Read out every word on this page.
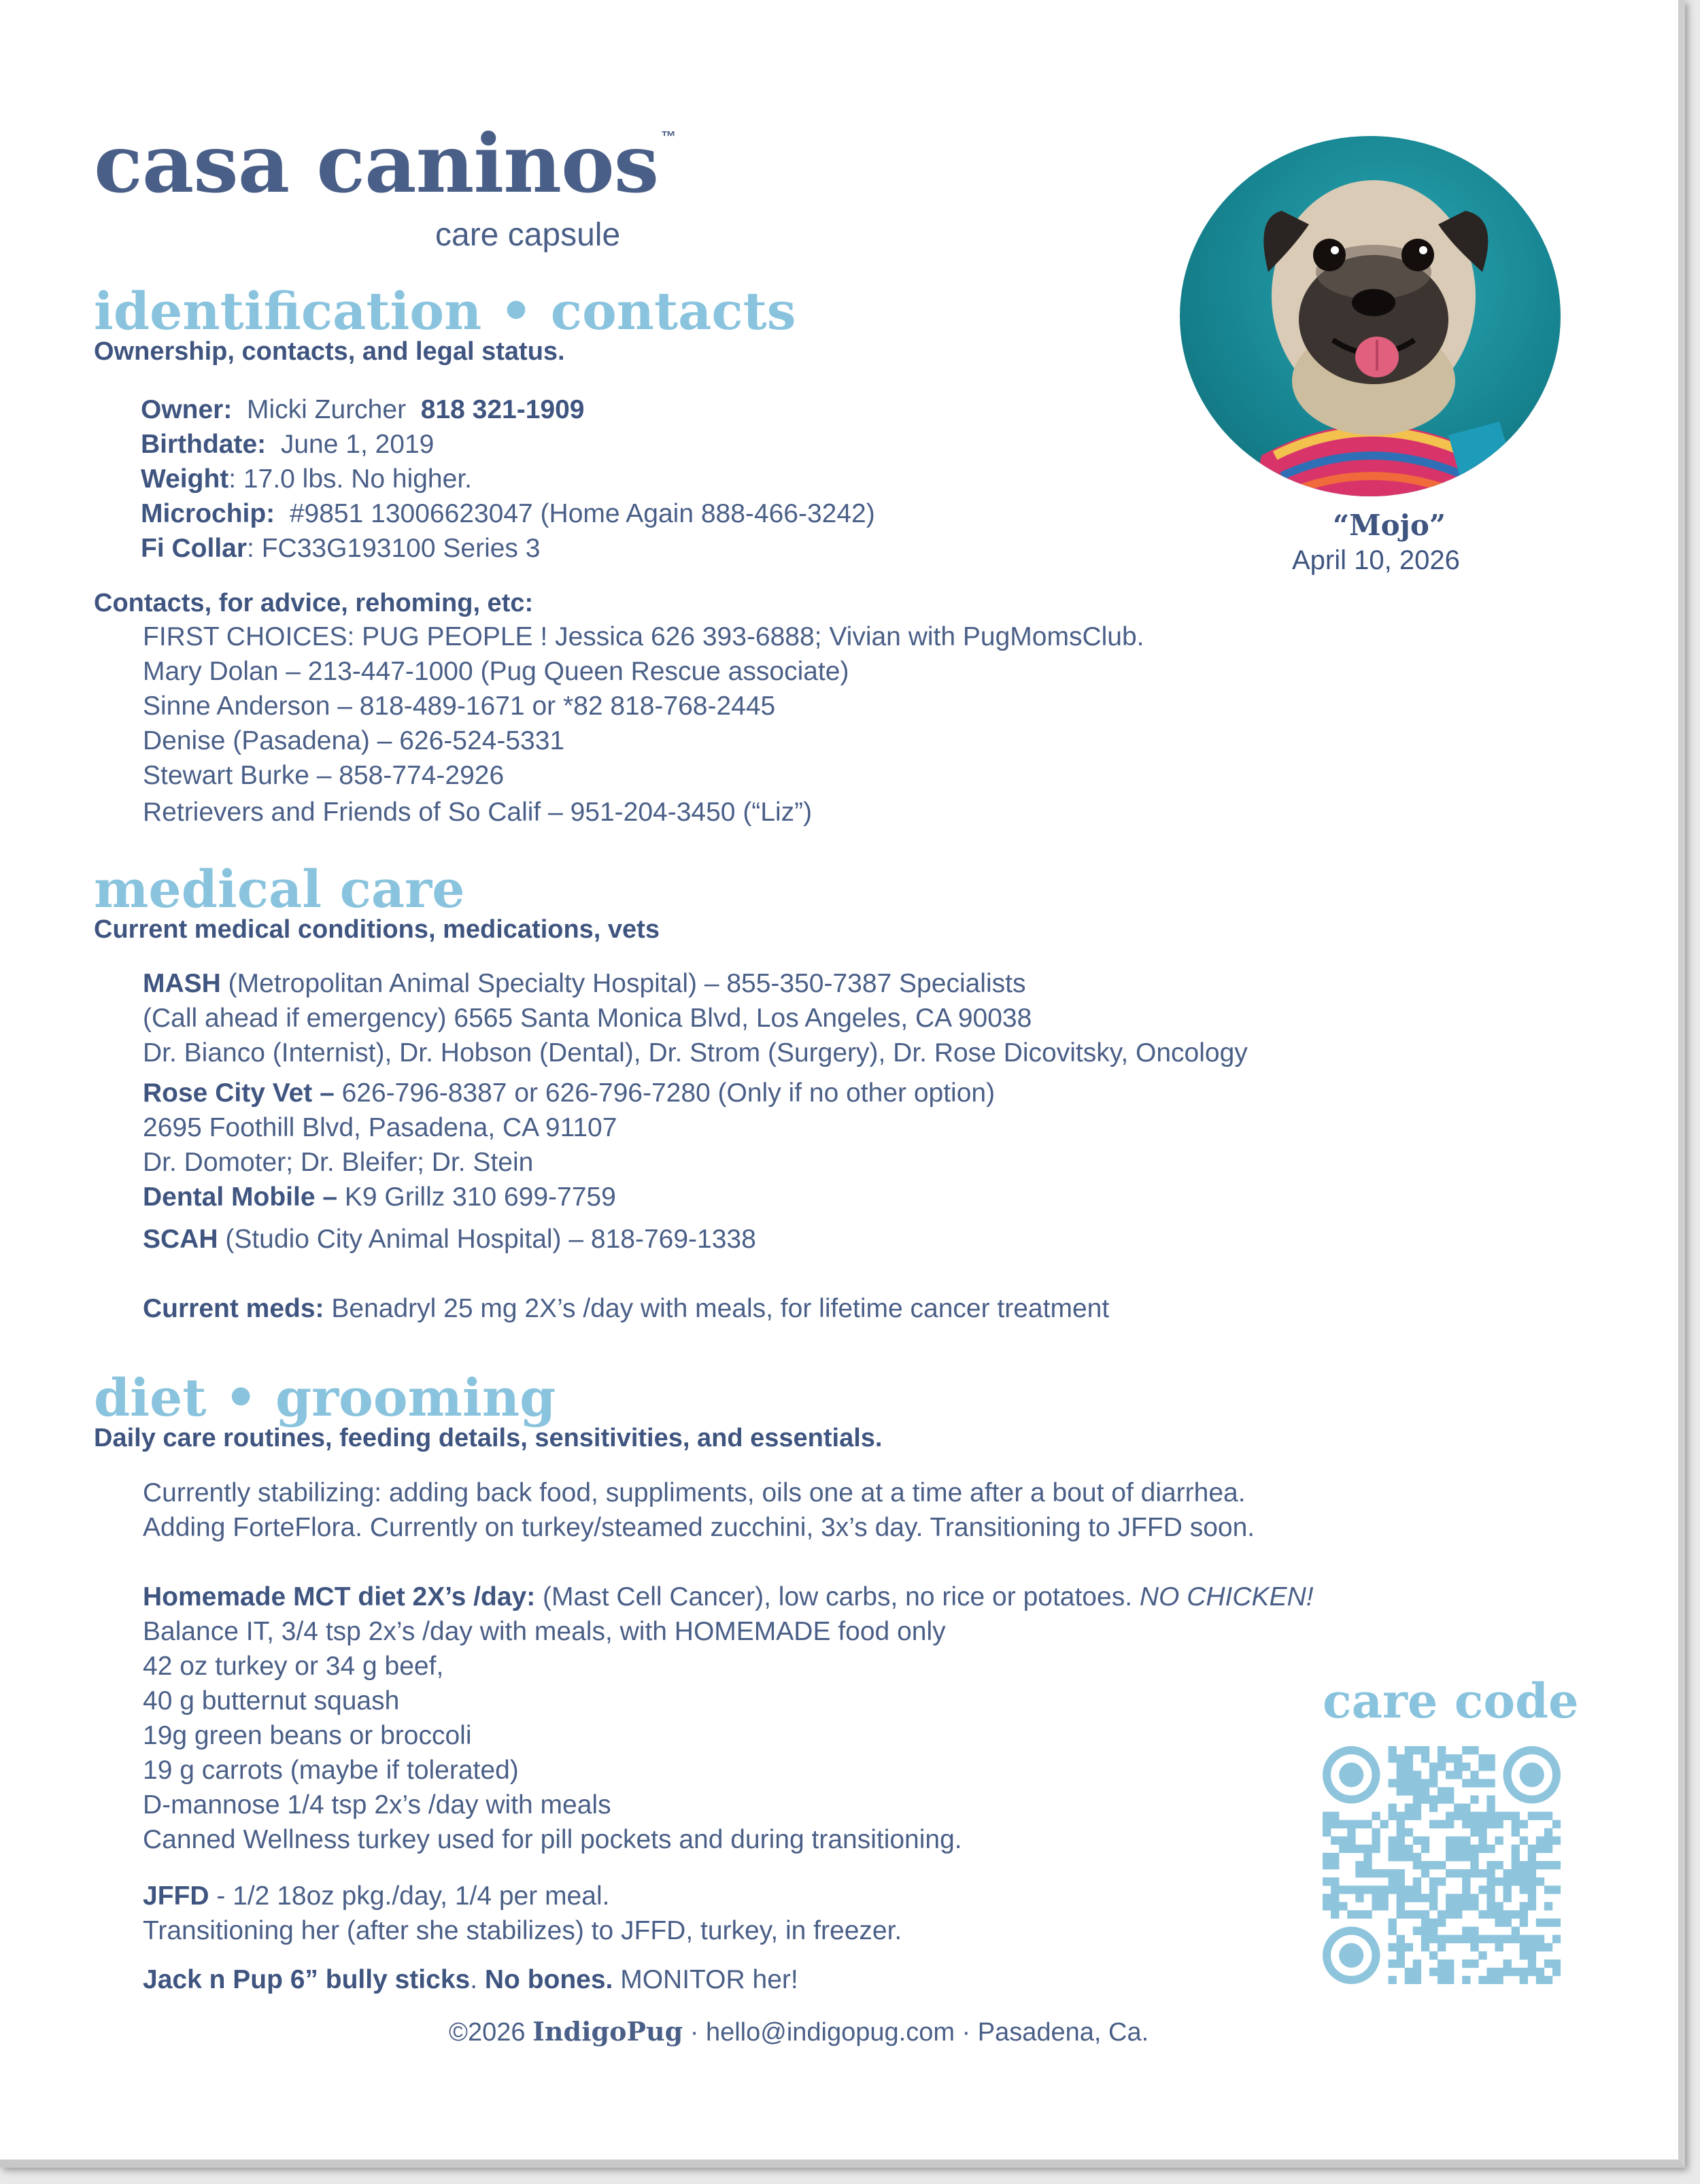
casa caninos ™
care capsule
“Mojo”
April 10, 2026
identification • contacts
Ownership, contacts, and legal status.
Owner: Micki Zurcher 818 321-1909
Birthdate: June 1, 2019
Weight: 17.0 lbs. No higher.
Microchip: #9851 13006623047 (Home Again 888-466-3242)
Fi Collar: FC33G193100 Series 3
Contacts, for advice, rehoming, etc:
FIRST CHOICES: PUG PEOPLE ! Jessica 626 393-6888; Vivian with PugMomsClub.
Mary Dolan – 213-447-1000 (Pug Queen Rescue associate)
Sinne Anderson – 818-489-1671 or *82 818-768-2445
Denise (Pasadena) – 626-524-5331
Stewart Burke – 858-774-2926
Retrievers and Friends of So Calif – 951-204-3450 (“Liz”)
medical care
Current medical conditions, medications, vets
MASH (Metropolitan Animal Specialty Hospital) – 855-350-7387 Specialists
(Call ahead if emergency) 6565 Santa Monica Blvd, Los Angeles, CA 90038
Dr. Bianco (Internist), Dr. Hobson (Dental), Dr. Strom (Surgery), Dr. Rose Dicovitsky, Oncology
Rose City Vet – 626-796-8387 or 626-796-7280 (Only if no other option)
2695 Foothill Blvd, Pasadena, CA 91107
Dr. Domoter; Dr. Bleifer; Dr. Stein
Dental Mobile – K9 Grillz 310 699-7759
SCAH (Studio City Animal Hospital) – 818-769-1338
Current meds: Benadryl 25 mg 2X’s /day with meals, for lifetime cancer treatment
diet • grooming
Daily care routines, feeding details, sensitivities, and essentials.
Currently stabilizing: adding back food, suppliments, oils one at a time after a bout of diarrhea.
Adding ForteFlora. Currently on turkey/steamed zucchini, 3x’s day. Transitioning to JFFD soon.
Homemade MCT diet 2X’s /day: (Mast Cell Cancer), low carbs, no rice or potatoes. NO CHICKEN!
Balance IT, 3/4 tsp 2x’s /day with meals, with HOMEMADE food only
42 oz turkey or 34 g beef,
40 g butternut squash
19g green beans or broccoli
19 g carrots (maybe if tolerated)
D-mannose 1/4 tsp 2x’s /day with meals
Canned Wellness turkey used for pill pockets and during transitioning.
JFFD - 1/2 18oz pkg./day, 1/4 per meal.
Transitioning her (after she stabilizes) to JFFD, turkey, in freezer.
Jack n Pup 6” bully sticks. No bones. MONITOR her!
care code
©2026 IndigoPug · hello@indigopug.com · Pasadena, Ca.
